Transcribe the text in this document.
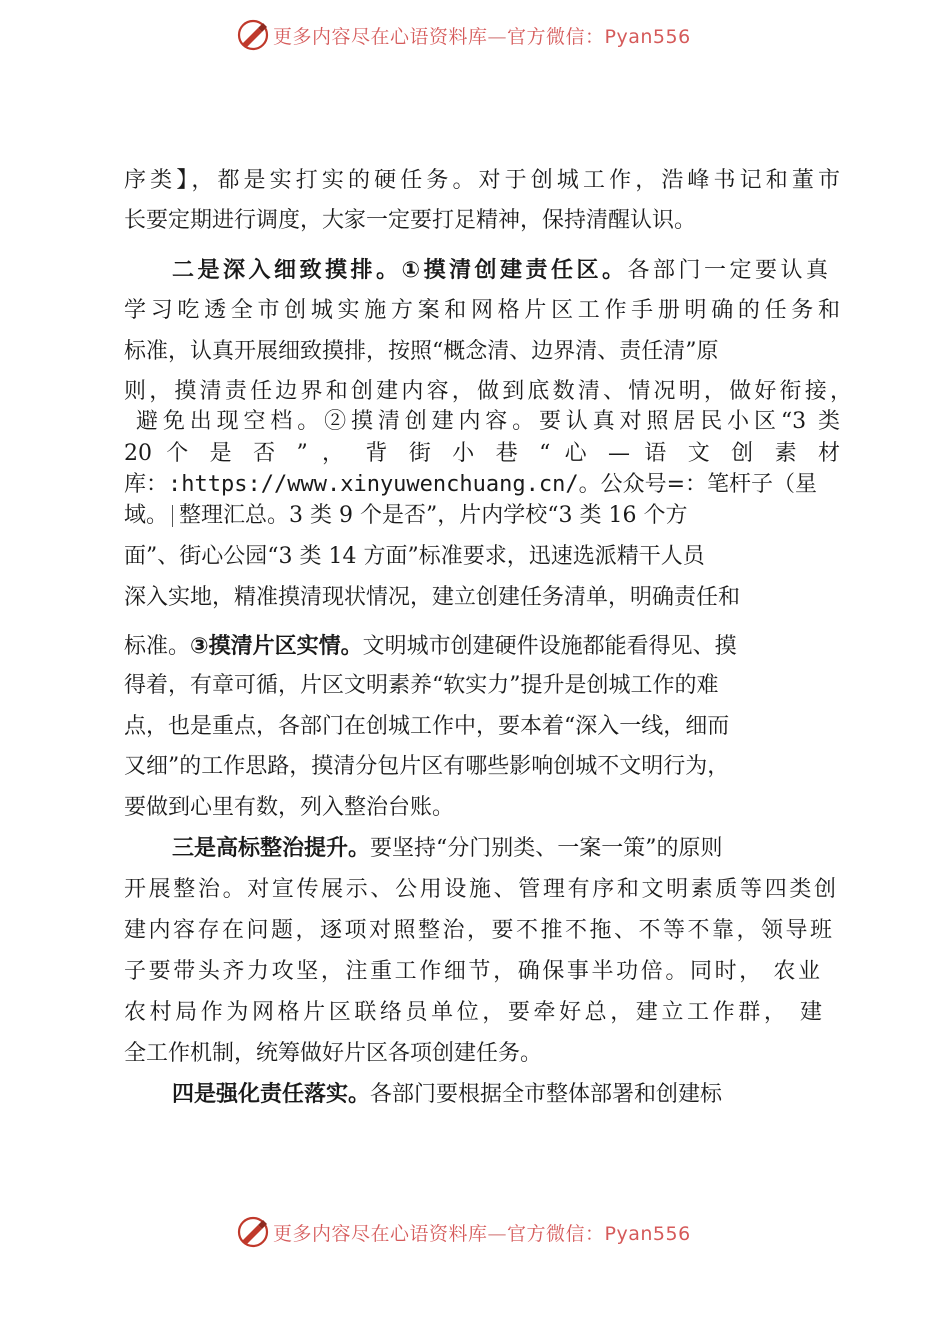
更多内容尽在心语资料库—官方微信：Pyan556
序类】，都是实打实的硬任务。对于创城工作，浩峰书记和董市
长要定期进行调度，大家一定要打足精神，保持清醒认识。
二是深入细致摸排。①摸清创建责任区。各部门一定要认真
学习吃透全市创城实施方案和网格片区工作手册明确的任务和
标准，认真开展细致摸排，按照“概念清、边界清、责任清”原
则，摸清责任边界和创建内容，做到底数清、情况明，做好衔接，
避免出现空档。②摸清创建内容。要认真对照居民小区“3 类
20 个 是 否 ” ， 背 街 小 巷 “ 心 — 语 文 创 素 材
库：:https://www.xinyuwenchuang.cn/。公众号=：笔杆子（星
域。 整理汇总。3 类 9 个是否”，片内学校“3 类 16 个方
面”、街心公园“3 类 14 方面”标准要求，迅速选派精干人员
深入实地，精准摸清现状情况，建立创建任务清单，明确责任和
标准。③摸清片区实情。文明城市创建硬件设施都能看得见、摸
得着，有章可循，片区文明素养“软实力”提升是创城工作的难
点，也是重点，各部门在创城工作中，要本着“深入一线，细而
又细”的工作思路，摸清分包片区有哪些影响创城不文明行为，
要做到心里有数，列入整治台账。
三是高标整治提升。要坚持“分门别类、一案一策”的原则
开展整治。对宣传展示、公用设施、管理有序和文明素质等四类创
建内容存在问题，逐项对照整治，要不推不拖、不等不靠，领导班
子要带头齐力攻坚，注重工作细节，确保事半功倍。同时， 农业
农村局作为网格片区联络员单位，要牵好总，建立工作群， 建
全工作机制，统筹做好片区各项创建任务。
四是强化责任落实。各部门要根据全市整体部署和创建标
更多内容尽在心语资料库—官方微信：Pyan556
